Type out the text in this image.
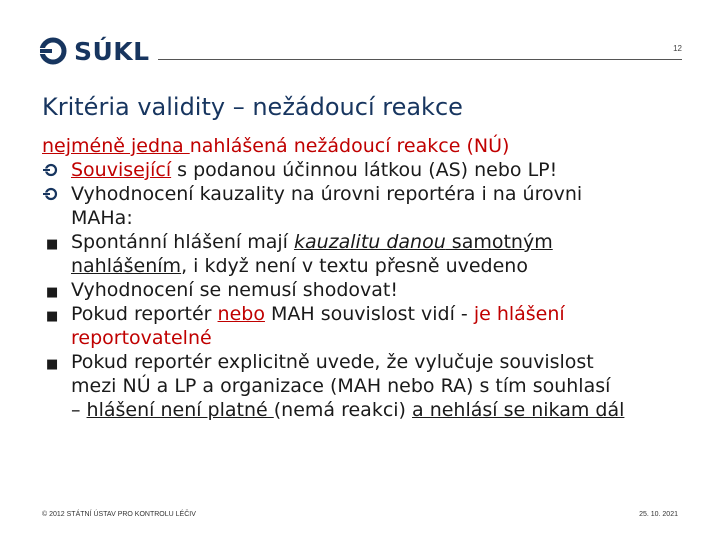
SÚKL	12
Kritéria validity – nežádoucí reakce
nejméně jedna nahlášená nežádoucí reakce (NÚ)
Související s podanou účinnou látkou (AS) nebo LP!
Vyhodnocení kauzality na úrovni reportéra i na úrovni
MAHa:
■ Spontánní hlášení mají kauzalitu danou samotným
nahlášením, i když není v textu přesně uvedeno
■ Vyhodnocení se nemusí shodovat!
■ Pokud reportér nebo MAH souvislost vidí - je hlášení
reportovatelné
■ Pokud reportér explicitně uvede, že vylučuje souvislost
mezi NÚ a LP a organizace (MAH nebo RA) s tím souhlasí
– hlášení není platné (nemá reakci) a nehlásí se nikam dál
© 2012 STÁTNÍ ÚSTAV PRO KONTROLU LÉČIV	25. 10. 2021
